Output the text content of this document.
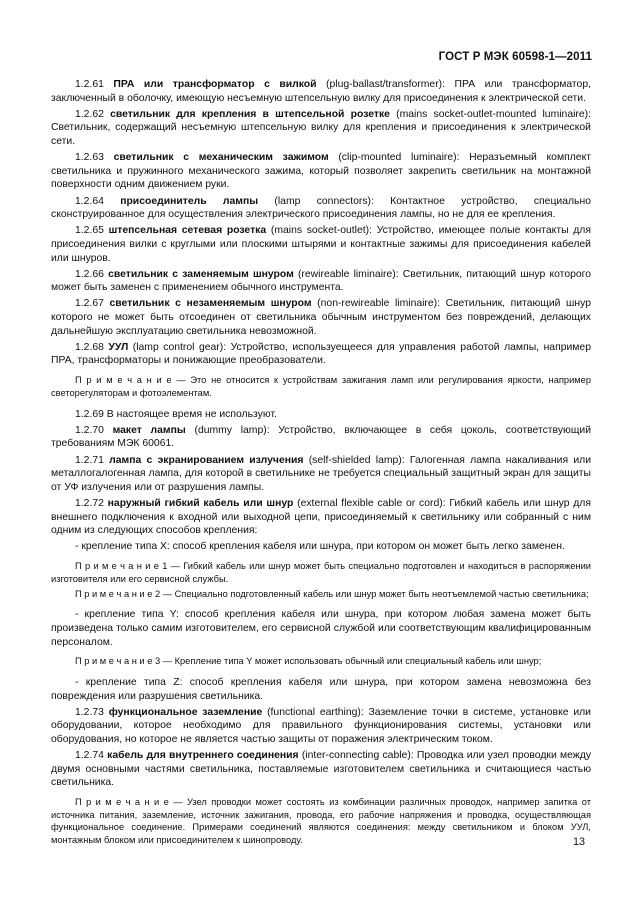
ГОСТ Р МЭК 60598-1—2011

1.2.61 ПРА или трансформатор с вилкой (plug-ballast/transformer): ПРА или трансформатор, заключенный в оболочку, имеющую несъемную штепсельную вилку для присоединения к электрической сети.

1.2.62 светильник для крепления в штепсельной розетке (mains socket-outlet-mounted luminaire): Светильник, содержащий несъемную штепсельную вилку для крепления и присоединения к электрической сети.

1.2.63 светильник с механическим зажимом (clip-mounted luminaire): Неразъемный комплект светильника и пружинного механического зажима, который позволяет закрепить светильник на монтажной поверхности одним движением руки.

1.2.64 присоединитель лампы (lamp connectors): Контактное устройство, специально сконструированное для осуществления электрического присоединения лампы, но не для ее крепления.

1.2.65 штепсельная сетевая розетка (mains socket-outlet): Устройство, имеющее полые контакты для присоединения вилки с круглыми или плоскими штырями и контактные зажимы для присоединения кабелей или шнуров.

1.2.66 светильник с заменяемым шнуром (rewireable liminaire): Светильник, питающий шнур которого может быть заменен с применением обычного инструмента.

1.2.67 светильник с незаменяемым шнуром (non-rewireable liminaire): Светильник, питающий шнур которого не может быть отсоединен от светильника обычным инструментом без повреждений, делающих дальнейшую эксплуатацию светильника невозможной.

1.2.68 УУЛ (lamp control gear): Устройство, используещееся для управления работой лампы, например ПРА, трансформаторы и понижающие преобразователи.

П р и м е ч а н и е — Это не относится к устройствам зажигания ламп или регулирования яркости, например светорегуляторам и фотоэлементам.

1.2.69 В настоящее время не используют.

1.2.70 макет лампы (dummy lamp): Устройство, включающее в себя цоколь, соответствующий требованиям МЭК 60061.

1.2.71 лампа с экранированием излучения (self-shielded lamp): Галогенная лампа накаливания или металлогалогенная лампа, для которой в светильнике не требуется специальный защитный экран для защиты от УФ излучения или от разрушения лампы.

1.2.72 наружный гибкий кабель или шнур (external flexible cable or cord): Гибкий кабель или шнур для внешнего подключения к входной или выходной цепи, присоединяемый к светильнику или собранный с ним одним из следующих способов крепления:

- крепление типа X: способ крепления кабеля или шнура, при котором он может быть легко заменен.

П р и м е ч а н и е 1 — Гибкий кабель или шнур может быть специально подготовлен и находиться в распоряжении изготовителя или его сервисной службы.

П р и м е ч а н и е 2 — Специально подготовленный кабель или шнур может быть неотъемлемой частью светильника;

- крепление типа Y: способ крепления кабеля или шнура, при котором любая замена может быть произведена только самим изготовителем, его сервисной службой или соответствующим квалифицированным персоналом.

П р и м е ч а н и е 3 — Крепление типа Y может использовать обычный или специальный кабель или шнур;

- крепление типа Z: способ крепления кабеля или шнура, при котором замена невозможна без повреждения или разрушения светильника.

1.2.73 функциональное заземление (functional earthing): Заземление точки в системе, установке или оборудовании, которое необходимо для правильного функционирования системы, установки или оборудования, но которое не является частью защиты от поражения электрическим током.

1.2.74 кабель для внутреннего соединения (inter-connecting cable): Проводка или узел проводки между двумя основными частями светильника, поставляемые изготовителем светильника и считающиеся частью светильника.

П р и м е ч а н и е — Узел проводки может состоять из комбинации различных проводок, например запитка от источника питания, заземление, источник зажигания, провода, его рабочие напряжения и проводка, осуществляющая функциональное соединение. Примерами соединений являются соединения: между светильником и блоком УУЛ, монтажным блоком или присоединителем к шинопроводу.	13
